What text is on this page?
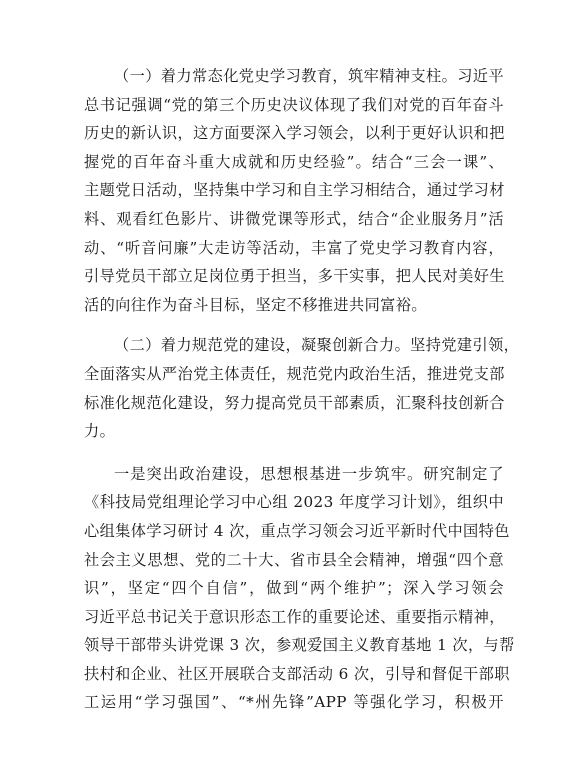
（一）着力常态化党史学习教育，筑牢精神支柱。习近平
总书记强调“党的第三个历史决议体现了我们对党的百年奋斗
历史的新认识，这方面要深入学习领会，以利于更好认识和把
握党的百年奋斗重大成就和历史经验”。结合“三会一课”、
主题党日活动，坚持集中学习和自主学习相结合，通过学习材
料、观看红色影片、讲微党课等形式，结合“企业服务月”活
动、“听音问廉”大走访等活动，丰富了党史学习教育内容，
引导党员干部立足岗位勇于担当，多干实事，把人民对美好生
活的向往作为奋斗目标，坚定不移推进共同富裕。
（二）着力规范党的建设，凝聚创新合力。坚持党建引领，
全面落实从严治党主体责任，规范党内政治生活，推进党支部
标准化规范化建设，努力提高党员干部素质，汇聚科技创新合
力。
一是突出政治建设，思想根基进一步筑牢。研究制定了
《科技局党组理论学习中心组 2023 年度学习计划》，组织中
心组集体学习研讨 4 次，重点学习领会习近平新时代中国特色
社会主义思想、党的二十大、省市县全会精神，增强“四个意
识”，坚定“四个自信”，做到“两个维护”；深入学习领会
习近平总书记关于意识形态工作的重要论述、重要指示精神，
领导干部带头讲党课 3 次，参观爱国主义教育基地 1 次，与帮
扶村和企业、社区开展联合支部活动 6 次，引导和督促干部职
工运用“学习强国”、“*州先锋”APP 等强化学习，积极开
